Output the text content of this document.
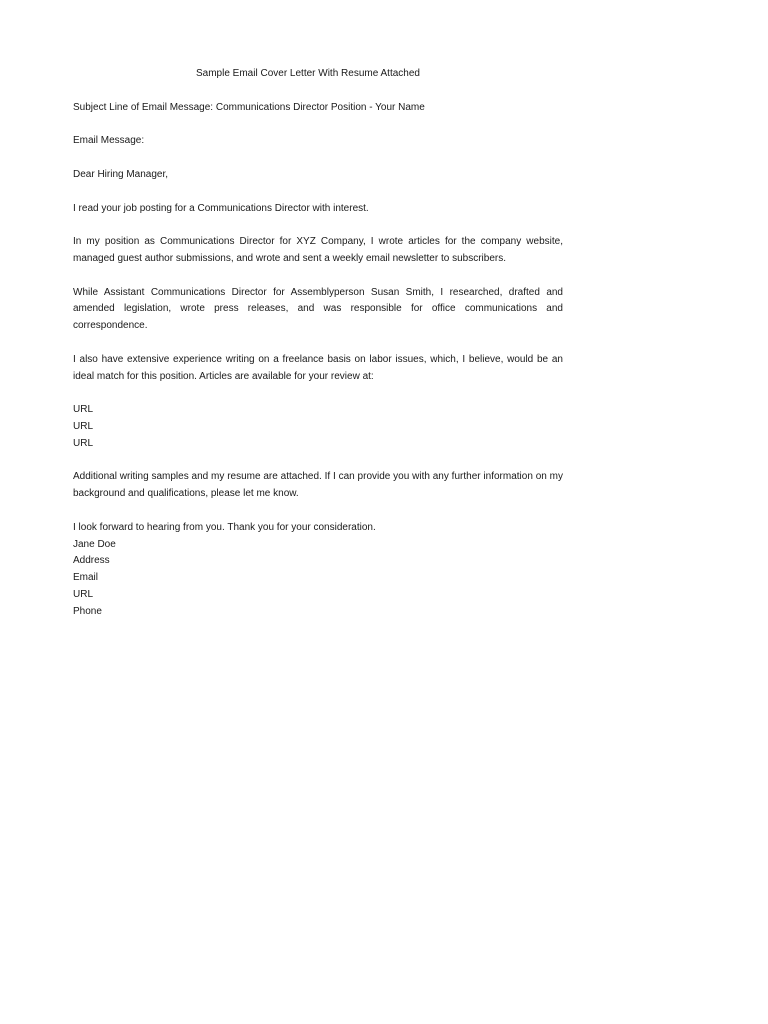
Sample Email Cover Letter With Resume Attached

Subject Line of Email Message: Communications Director Position - Your Name

Email Message:

Dear Hiring Manager,

I read your job posting for a Communications Director with interest.

In my position as Communications Director for XYZ Company, I wrote articles for the company website, managed guest author submissions, and wrote and sent a weekly email newsletter to subscribers.

While Assistant Communications Director for Assemblyperson Susan Smith, I researched, drafted and amended legislation, wrote press releases, and was responsible for office communications and correspondence.

I also have extensive experience writing on a freelance basis on labor issues, which, I believe, would be an ideal match for this position. Articles are available for your review at:

URL
URL
URL

Additional writing samples and my resume are attached. If I can provide you with any further information on my background and qualifications, please let me know.

I look forward to hearing from you. Thank you for your consideration.
Jane Doe
Address
Email
URL
Phone
